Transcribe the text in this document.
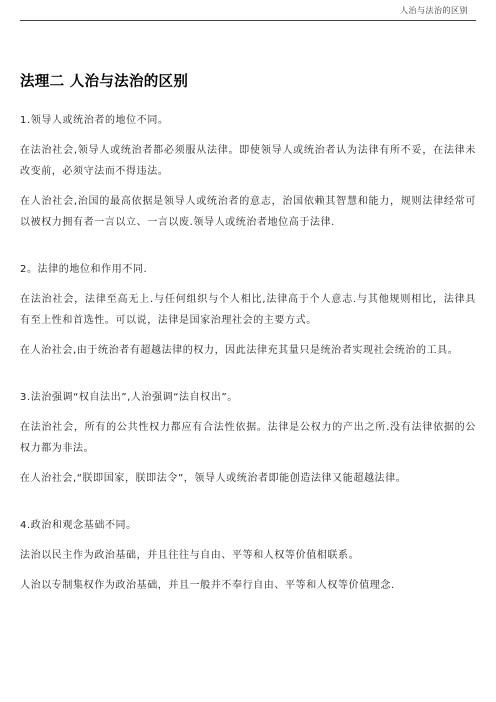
人治与法治的区别
法理二 人治与法治的区别

1.领导人或统治者的地位不同。

在法治社会,领导人或统治者都必须服从法律。即使领导人或统治者认为法律有所不妥，在法律未改变前，必须守法而不得违法。

在人治社会,治国的最高依据是领导人或统治者的意志，治国依赖其智慧和能力，规则法律经常可以被权力拥有者一言以立、一言以废.领导人或统治者地位高于法律.

2。法律的地位和作用不同.

在法治社会，法律至高无上.与任何组织与个人相比,法律高于个人意志.与其他规则相比，法律具有至上性和首选性。可以说，法律是国家治理社会的主要方式。

在人治社会,由于统治者有超越法律的权力，因此法律充其量只是统治者实现社会统治的工具。

3.法治强调“权自法出”,人治强调“法自权出”。

在法治社会，所有的公共性权力都应有合法性依据。法律是公权力的产出之所.没有法律依据的公权力都为非法。

在人治社会,“朕即国家，朕即法令”，领导人或统治者即能创造法律又能超越法律。

4.政治和观念基础不同。

法治以民主作为政治基础，并且往往与自由、平等和人权等价值相联系。

人治以专制集权作为政治基础，并且一般并不奉行自由、平等和人权等价值理念.
